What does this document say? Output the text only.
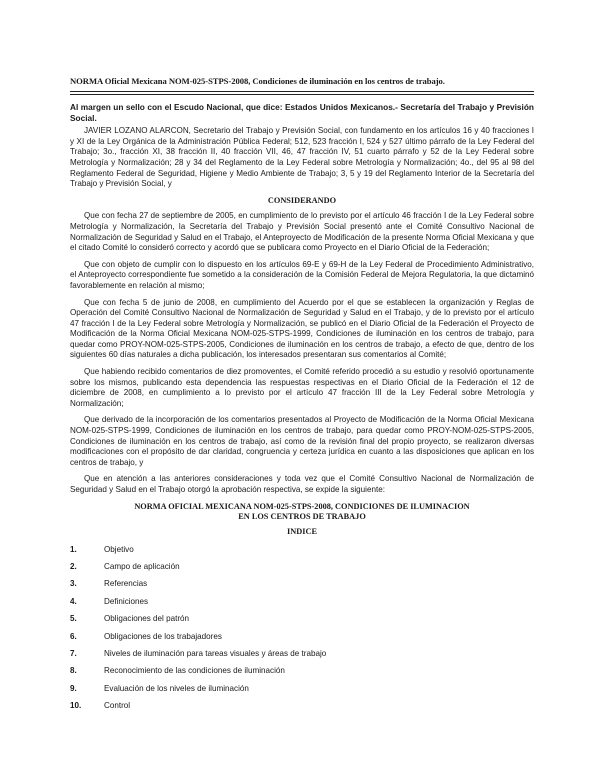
NORMA Oficial Mexicana NOM-025-STPS-2008, Condiciones de iluminación en los centros de trabajo.

Al margen un sello con el Escudo Nacional, que dice: Estados Unidos Mexicanos.- Secretaría del Trabajo y Previsión Social.

JAVIER LOZANO ALARCON, Secretario del Trabajo y Previsión Social, con fundamento en los artículos 16 y 40 fracciones I y XI de la Ley Orgánica de la Administración Pública Federal; 512, 523 fracción I, 524 y 527 último párrafo de la Ley Federal del Trabajo; 3o., fracción XI, 38 fracción II, 40 fracción VII, 46, 47 fracción IV, 51 cuarto párrafo y 52 de la Ley Federal sobre Metrología y Normalización; 28 y 34 del Reglamento de la Ley Federal sobre Metrología y Normalización; 4o., del 95 al 98 del Reglamento Federal de Seguridad, Higiene y Medio Ambiente de Trabajo; 3, 5 y 19 del Reglamento Interior de la Secretaría del Trabajo y Previsión Social, y

CONSIDERANDO

Que con fecha 27 de septiembre de 2005, en cumplimiento de lo previsto por el artículo 46 fracción I de la Ley Federal sobre Metrología y Normalización, la Secretaría del Trabajo y Previsión Social presentó ante el Comité Consultivo Nacional de Normalización de Seguridad y Salud en el Trabajo, el Anteproyecto de Modificación de la presente Norma Oficial Mexicana y que el citado Comité lo consideró correcto y acordó que se publicara como Proyecto en el Diario Oficial de la Federación;

Que con objeto de cumplir con lo dispuesto en los artículos 69-E y 69-H de la Ley Federal de Procedimiento Administrativo, el Anteproyecto correspondiente fue sometido a la consideración de la Comisión Federal de Mejora Regulatoria, la que dictaminó favorablemente en relación al mismo;

Que con fecha 5 de junio de 2008, en cumplimiento del Acuerdo por el que se establecen la organización y Reglas de Operación del Comité Consultivo Nacional de Normalización de Seguridad y Salud en el Trabajo, y de lo previsto por el artículo 47 fracción I de la Ley Federal sobre Metrología y Normalización, se publicó en el Diario Oficial de la Federación el Proyecto de Modificación de la Norma Oficial Mexicana NOM-025-STPS-1999, Condiciones de iluminación en los centros de trabajo, para quedar como PROY-NOM-025-STPS-2005, Condiciones de iluminación en los centros de trabajo, a efecto de que, dentro de los siguientes 60 días naturales a dicha publicación, los interesados presentaran sus comentarios al Comité;

Que habiendo recibido comentarios de diez promoventes, el Comité referido procedió a su estudio y resolvió oportunamente sobre los mismos, publicando esta dependencia las respuestas respectivas en el Diario Oficial de la Federación el 12 de diciembre de 2008, en cumplimiento a lo previsto por el artículo 47 fracción III de la Ley Federal sobre Metrología y Normalización;

Que derivado de la incorporación de los comentarios presentados al Proyecto de Modificación de la Norma Oficial Mexicana NOM-025-STPS-1999, Condiciones de iluminación en los centros de trabajo, para quedar como PROY-NOM-025-STPS-2005, Condiciones de iluminación en los centros de trabajo, así como de la revisión final del propio proyecto, se realizaron diversas modificaciones con el propósito de dar claridad, congruencia y certeza jurídica en cuanto a las disposiciones que aplican en los centros de trabajo, y

Que en atención a las anteriores consideraciones y toda vez que el Comité Consultivo Nacional de Normalización de Seguridad y Salud en el Trabajo otorgó la aprobación respectiva, se expide la siguiente:

NORMA OFICIAL MEXICANA NOM-025-STPS-2008, CONDICIONES DE ILUMINACION EN LOS CENTROS DE TRABAJO
INDICE
1.	Objetivo
2.	Campo de aplicación
3.	Referencias
4.	Definiciones
5.	Obligaciones del patrón
6.	Obligaciones de los trabajadores
7.	Niveles de iluminación para tareas visuales y áreas de trabajo
8.	Reconocimiento de las condiciones de iluminación
9.	Evaluación de los niveles de iluminación
10.	Control
